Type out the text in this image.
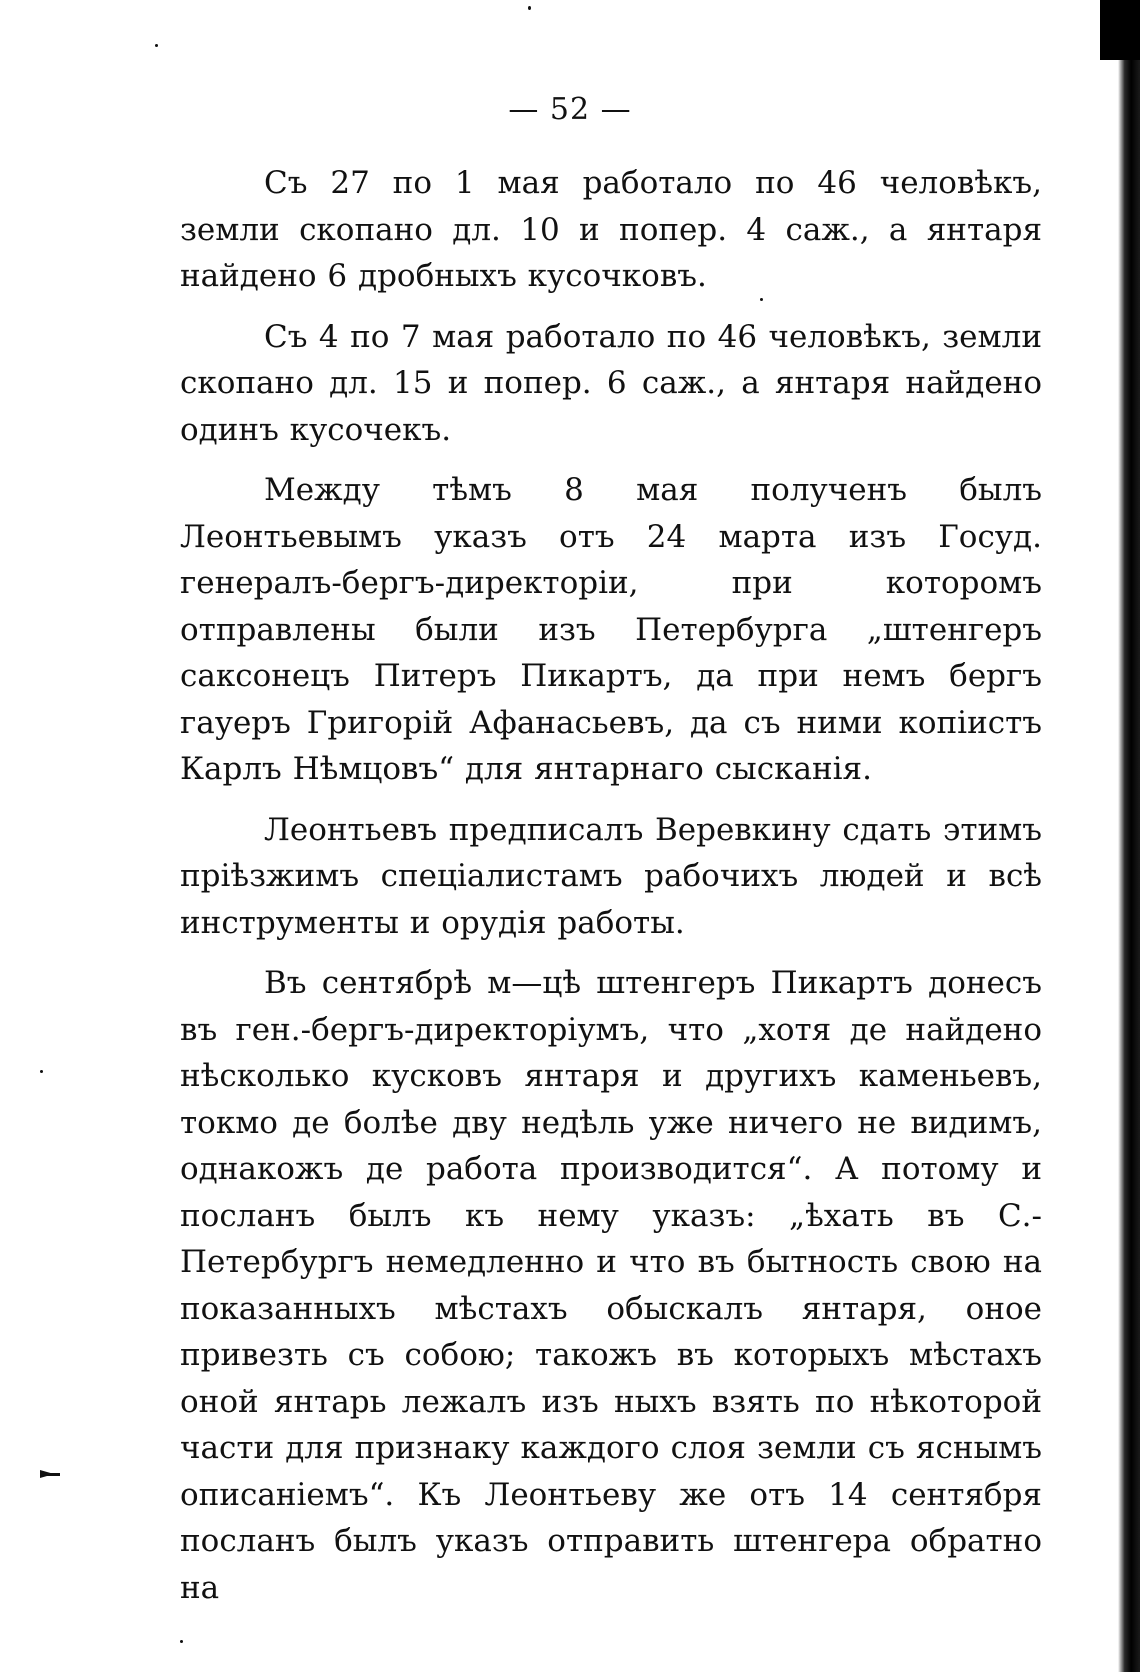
— 52 —

Съ 27 по 1 мая работало по 46 человѣкъ, земли скопано дл. 10 и попер. 4 саж., а янтаря найдено 6 дробныхъ кусочковъ.

Съ 4 по 7 мая работало по 46 человѣкъ, земли скопано дл. 15 и попер. 6 саж., а янтаря найдено одинъ кусочекъ.

Между тѣмъ 8 мая полученъ былъ Леонтьевымъ указъ отъ 24 марта изъ Госуд. генералъ-бергъ-директоріи, при которомъ отправлены были изъ Петербурга „штенгеръ саксонецъ Питеръ Пикартъ, да при немъ бергъ гауеръ Григорій Афанасьевъ, да съ ними копіистъ Карлъ Нѣмцовъ“ для янтарнаго сысканія.

Леонтьевъ предписалъ Веревкину сдать этимъ пріѣзжимъ спеціалистамъ рабочихъ людей и всѣ инструменты и орудія работы.

Въ сентябрѣ м—цѣ штенгеръ Пикартъ донесъ въ ген.-бергъ-директоріумъ, что „хотя де найдено нѣсколько кусковъ янтаря и другихъ каменьевъ, токмо де болѣе дву недѣль уже ничего не видимъ, однакожъ де работа производится“. А потому и посланъ былъ къ нему указъ: „ѣхать въ С.-Петербургъ немедленно и что въ бытность свою на показанныхъ мѣстахъ обыскалъ янтаря, оное привезть съ собою; такожъ въ которыхъ мѣстахъ оной янтарь лежалъ изъ ныхъ взять по нѣкоторой части для признаку каждого слоя земли съ яснымъ описаніемъ“. Къ Леонтьеву же отъ 14 сентября посланъ былъ указъ отправить штенгера обратно на
